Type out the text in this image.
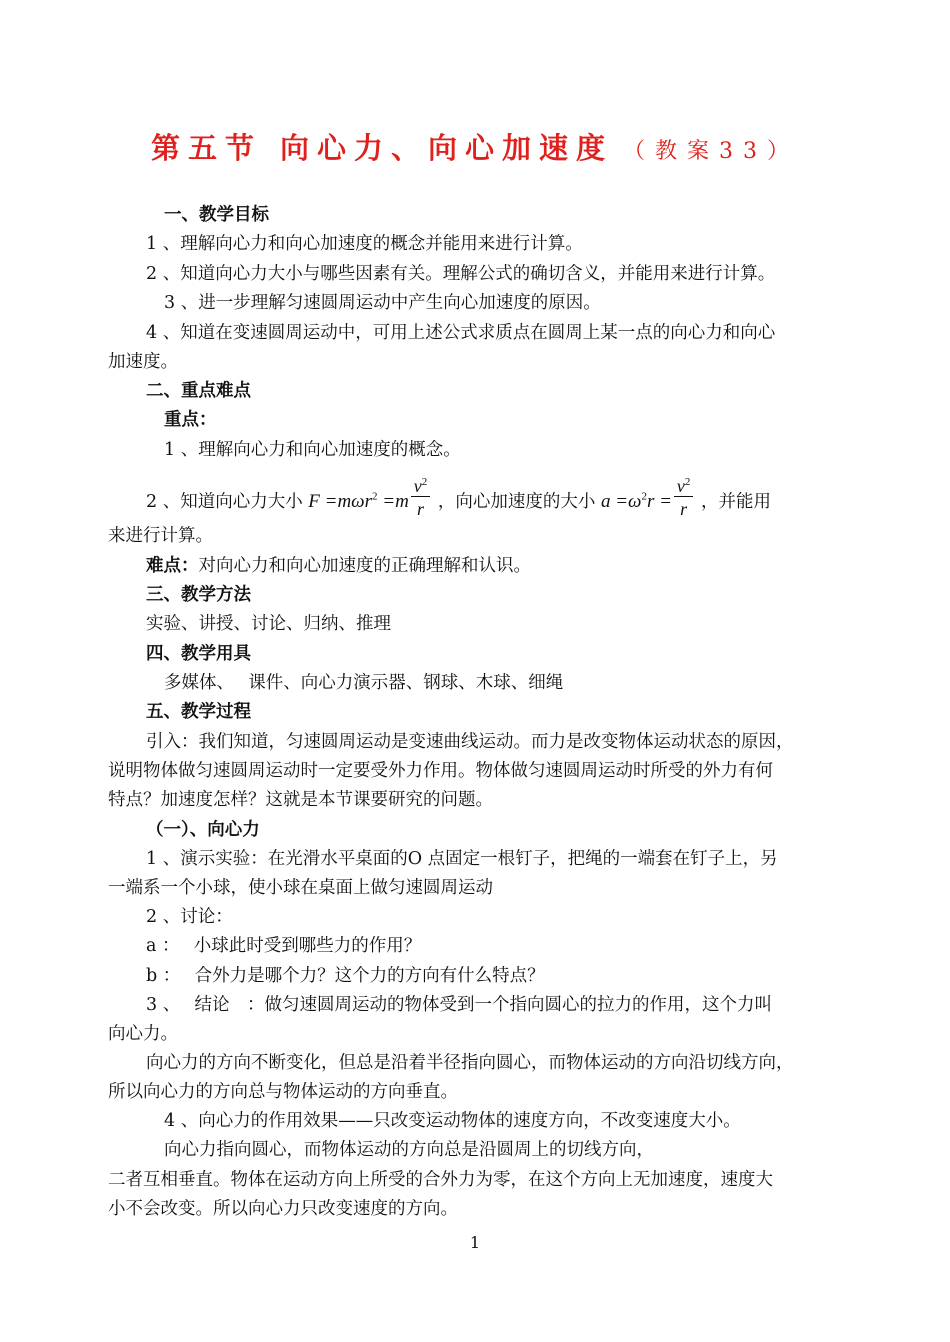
第五节 向心力、向心加速度 （教案33）
一、教学目标
1 、理解向心力和向心加速度的概念并能用来进行计算。
2 、知道向心力大小与哪些因素有关。理解公式的确切含义，并能用来进行计算。
3 、进一步理解匀速圆周运动中产生向心加速度的原因。
4 、知道在变速圆周运动中，可用上述公式求质点在圆周上某一点的向心力和向心
加速度。
二、重点难点
重点：
1 、理解向心力和向心加速度的概念。
2 、知道向心力大小 $F =m\omega r^2 =m \frac{v^2}{r}$ ，向心加速度的大小 $a =\omega^2r = \frac{v^2}{r}$ ，并能用
来进行计算。
难点：对向心力和向心加速度的正确理解和认识。
三、教学方法
实验、讲授、讨论、归纳、推理
四、教学用具
多媒体、　 课件、向心力演示器、钢球、木球、细绳
五、教学过程
引入：我们知道，匀速圆周运动是变速曲线运动。而力是改变物体运动状态的原因，
说明物体做匀速圆周运动时一定要受外力作用。物体做匀速圆周运动时所受的外力有何
特点？加速度怎样？这就是本节课要研究的问题。
（一）、向心力
1 、演示实验：在光滑水平桌面的O 点固定一根钉子，把绳的一端套在钉子上，另
一端系一个小球，使小球在桌面上做匀速圆周运动
2 、讨论：
a ：　 小球此时受到哪些力的作用？
b ：　 合外力是哪个力？这个力的方向有什么特点？
3 、　 结论　：做匀速圆周运动的物体受到一个指向圆心的拉力的作用，这个力叫
向心力。
向心力的方向不断变化，但总是沿着半径指向圆心，而物体运动的方向沿切线方向，
所以向心力的方向总与物体运动的方向垂直。
4 、向心力的作用效果——只改变运动物体的速度方向，不改变速度大小。
向心力指向圆心，而物体运动的方向总是沿圆周上的切线方向，
二者互相垂直。物体在运动方向上所受的合外力为零，在这个方向上无加速度，速度大
小不会改变。所以向心力只改变速度的方向。
1
